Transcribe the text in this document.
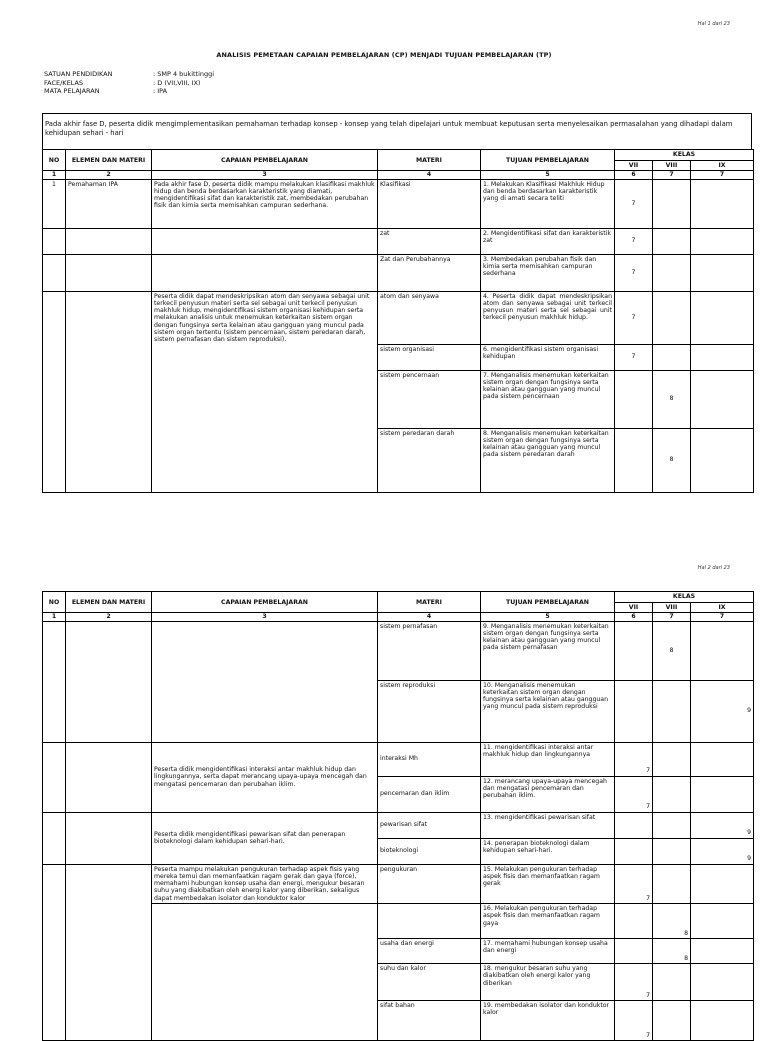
Hal 1 dari 23
ANALISIS PEMETAAN CAPAIAN PEMBELAJARAN (CP) MENJADI TUJUAN PEMBELAJARAN (TP)
SATUAN PENDIDIKAN	: SMP 4 bukittinggi
FACE/KELAS	: D (VII,VIII, IX)
MATA PELAJARAN	: IPA
Pada akhir fase D, peserta didik mengimplementasikan pemahaman terhadap konsep - konsep yang telah dipelajari untuk membuat keputusan serta menyelesaikan permasalahan yang dihadapi dalam kehidupan sehari - hari
NO	ELEMEN DAN MATERI	CAPAIAN PEMBELAJARAN	MATERI	TUJUAN PEMBELAJARAN	KELAS		
					VII	VIII	IX
1	2	3	4	5	6	7	7
1	Pemahaman IPA	Pada akhir fase D, peserta didik mampu melakukan klasifikasi makhluk hidup dan benda berdasarkan karakteristik yang diamati, mengidentifikasi sifat dan karakteristik zat, membedakan perubahan fisik dan kimia serta memisahkan campuran sederhana.	Klasifikasi	1. Melakukan Klasifikasi Makhluk Hidup dan benda berdasarkan karakteristik yang di amati secara teliti	7		
			zat	2. Mengidentifikasi sifat dan karakteristik zat	7		
			Zat dan Perubahannya	3. Membedakan perubahan fisik dan kimia serta memisahkan campuran sederhana	7		
		Peserta didik dapat mendeskripsikan atom dan senyawa sebagai unit terkecil penyusun materi serta sel sebagai unit terkecil penyusun makhluk hidup, mengidentifikasi sistem organisasi kehidupan serta melakukan analisis untuk menemukan keterkaitan sistem organ dengan fungsinya serta kelainan atau gangguan yang muncul pada sistem organ tertentu (sistem pencernaan, sistem peredaran darah, sistem pernafasan dan sistem reproduksi).	atom dan senyawa	4. Peserta didik dapat mendeskripsikan atom dan senyawa sebagai unit terkecil penyusun materi serta sel sebagai unit terkecil penyusun makhluk hidup.	7		
			sistem organisasi	6. mengidentifikasi sistem organisasi kehidupan	7		
			sistem pencernaan	7. Menganalisis menemukan keterkaitan sistem organ dengan fungsinya serta kelainan atau gangguan yang muncul pada sistem pencernaan		8	
			sistem peredaran darah	8. Menganalisis menemukan keterkaitan sistem organ dengan fungsinya serta kelainan atau gangguan yang muncul pada sistem peredaran darah		8	
Hal 2 dari 23
NO	ELEMEN DAN MATERI	CAPAIAN PEMBELAJARAN	MATERI	TUJUAN PEMBELAJARAN	KELAS		
					VII	VIII	IX
1	2	3	4	5	6	7	7
			sistem pernafasan	9. Menganalisis menemukan keterkaitan sistem organ dengan fungsinya serta kelainan atau gangguan yang muncul pada sistem pernafasan		8	
			sistem reproduksi	10. Menganalisis menemukan keterkaitan sistem organ dengan fungsinya serta kelainan atau gangguan yang muncul pada sistem reproduksi			9
		Peserta didik mengidentifikasi interaksi antar makhluk hidup dan lingkungannya, serta dapat merancang upaya-upaya mencegah dan mengatasi pencemaran dan perubahan iklim.	interaksi Mh	11. mengidentifikasi interaksi antar makhluk hidup dan lingkungannya	7		
			pencemaran dan iklim	12. merancang upaya-upaya mencegah dan mengatasi pencemaran dan perubahan iklim.	7		
		Peserta didik mengidentifikasi pewarisan sifat dan penerapan bioteknologi dalam kehidupan sehari-hari.	pewarisan sifat	13. mengidentifikasi pewarisan sifat			9
			bioteknologi	14. penerapan bioteknologi dalam kehidupan sehari-hari.			9
		Peserta mampu melakukan pengukuran terhadap aspek fisis yang mereka temui dan memanfaatkan ragam gerak dan gaya (force), memahami hubungan konsep usaha dan energi, mengukur besaran suhu yang diakibatkan oleh energi kalor yang diberikan, sekaligus dapat membedakan isolator dan konduktor kalor	pengukuran	15. Melakukan pengukuran terhadap aspek fisis dan memanfaatkan ragam gerak	7		
				16. Melakukan pengukuran terhadap aspek fisis dan memanfaatkan ragam gaya		8	
			usaha dan energi	17. memahami hubungan konsep usaha dan energi		8	
			suhu dan kalor	18. mengukur besaran suhu yang diakibatkan oleh energi kalor yang diberikan	7		
			sifat bahan	19. membedakan isolator dan konduktor kalor	7		
